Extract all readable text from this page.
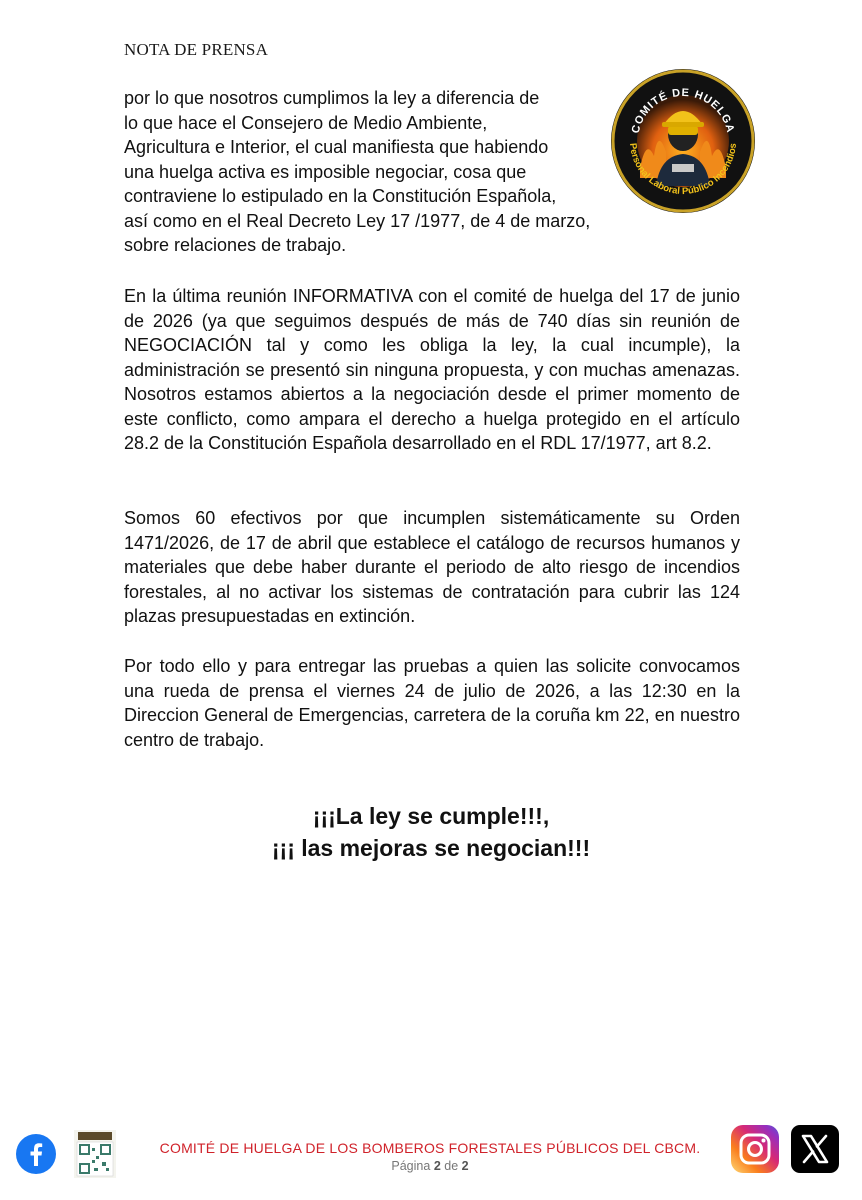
NOTA DE PRENSA
COMITÉ DE HUELGA
Personal Laboral Público Incendios
por lo que nosotros cumplimos la ley a diferencia de
lo que hace el Consejero de Medio Ambiente,
Agricultura e Interior, el cual manifiesta que habiendo
una huelga activa es imposible negociar, cosa que
contraviene lo estipulado en la Constitución Española,
así como en el Real Decreto Ley 17 /1977, de 4 de marzo,
sobre relaciones de trabajo.
En la última reunión INFORMATIVA con el comité de huelga del 17 de junio de 2026 (ya que seguimos después de más de 740 días sin reunión de NEGOCIACIÓN tal y como les obliga la ley, la cual incumple), la administración se presentó sin ninguna propuesta, y con muchas amenazas. Nosotros estamos abiertos a la negociación desde el primer momento de este conflicto, como ampara el derecho a huelga protegido en el artículo 28.2 de la Constitución Española desarrollado en el RDL 17/1977, art 8.2.
Somos 60 efectivos por que incumplen sistemáticamente su Orden 1471/2026, de 17 de abril que establece el catálogo de recursos humanos y materiales que debe haber durante el periodo de alto riesgo de incendios forestales, al no activar los sistemas de contratación para cubrir las 124 plazas presupuestadas en extinción.
Por todo ello y para entregar las pruebas a quien las solicite convocamos una rueda de prensa el viernes 24 de julio de 2026, a las 12:30 en la Direccion General de Emergencias, carretera de la coruña km 22, en nuestro centro de trabajo.
¡¡¡La ley se cumple!!!,
¡¡¡ las mejoras se negocian!!!
COMITÉ DE HUELGA DE LOS BOMBEROS FORESTALES PÚBLICOS DEL CBCM.
Página 2 de 2
